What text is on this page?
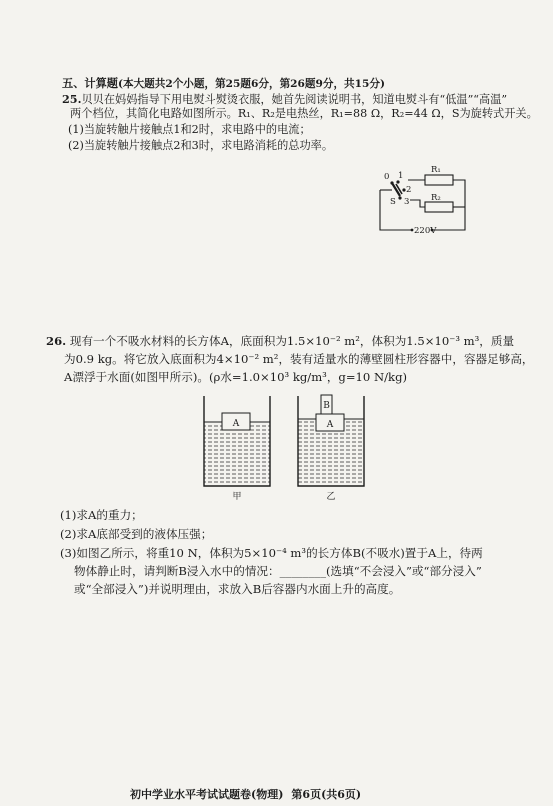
五、计算题(本大题共2个小题，第25题6分，第26题9分，共15分)
25.贝贝在妈妈指导下用电熨斗熨烫衣服，她首先阅读说明书，知道电熨斗有“低温”“高温”
两个档位，其简化电路如图所示。R₁、R₂是电热丝，R₁=88 Ω，R₂=44 Ω，S为旋转式开关。
(1)当旋转触片接触点1和2时，求电路中的电流；
(2)当旋转触片接触点2和3时，求电路消耗的总功率。
R₁
R₂
0 1
2
3
S
220V
26. 现有一个不吸水材料的长方体A，底面积为1.5×10⁻² m²，体积为1.5×10⁻³ m³，质量
为0.9 kg。将它放入底面积为4×10⁻² m²，装有适量水的薄壁圆柱形容器中，容器足够高，
A漂浮于水面(如图甲所示)。(ρ水=1.0×10³ kg/m³，g=10 N/kg)
A	A
B
甲	乙
(1)求A的重力；
(2)求A底部受到的液体压强；
(3)如图乙所示，将重10 N，体积为5×10⁻⁴ m³的长方体B(不吸水)置于A上，待两
物体静止时，请判断B浸入水中的情况：________(选填“不会浸入”或“部分浸入”
或“全部浸入”)并说明理由，求放入B后容器内水面上升的高度。
初中学业水平考试试题卷(物理) 第6页(共6页)
